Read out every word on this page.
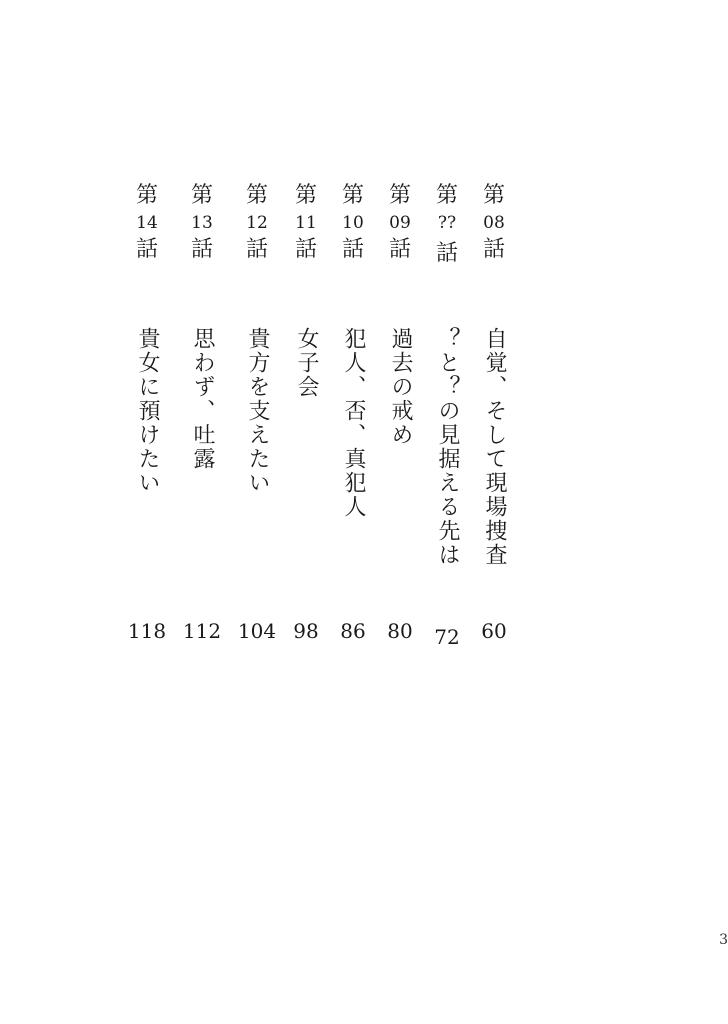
第
08
話
自覚、そして現場捜査
60
第
??
話
？と？の見据える先は
72
第
09
話
過去の戒め
80
第
10
話
犯人、否、真犯人
86
第
11
話
女子会
98
第
12
話
貴方を支えたい
104
第
13
話
思わず、吐露
112
第
14
話
貴女に預けたい
118
3
